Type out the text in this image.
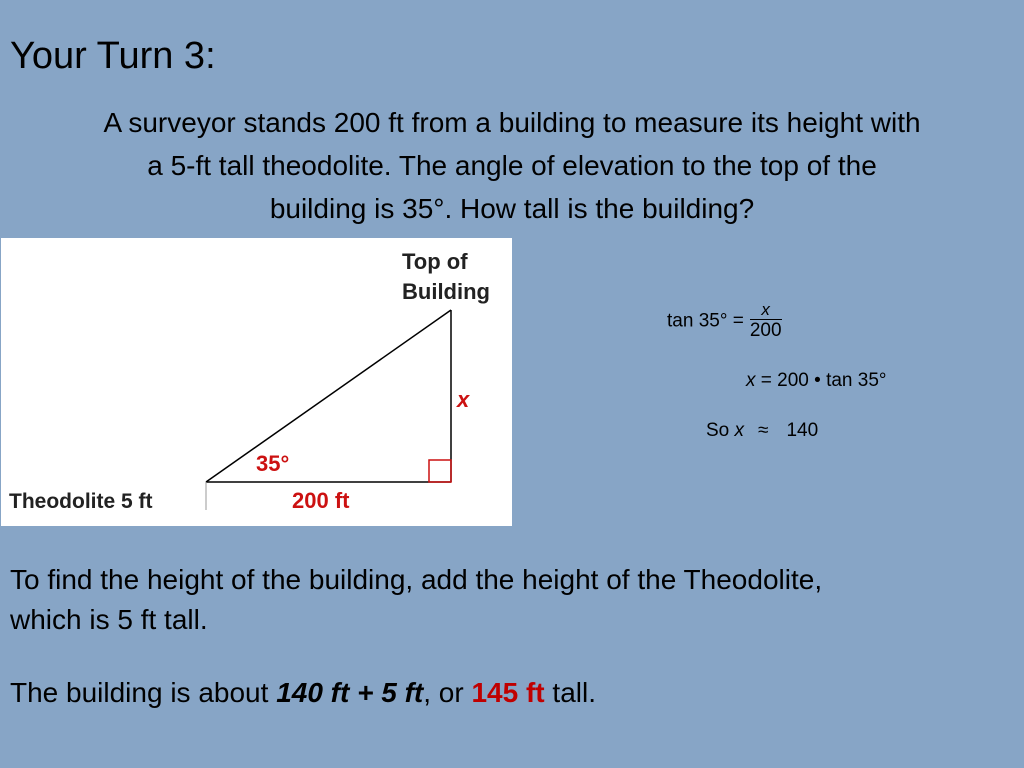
Your Turn 3:
A surveyor stands 200 ft from a building to measure its height with
a 5-ft tall theodolite. The angle of elevation to the top of the
building is 35°. How tall is the building?
Top of
Building
x
35°
200 ft
Theodolite 5 ft
$\tan 35^\circ = \frac{x}{200}$
x = 200 • tan 35°
So x ≈ 140
To find the height of the building, add the height of the Theodolite,
which is 5 ft tall.
The building is about 140 ft + 5 ft, or 145 ft tall.
